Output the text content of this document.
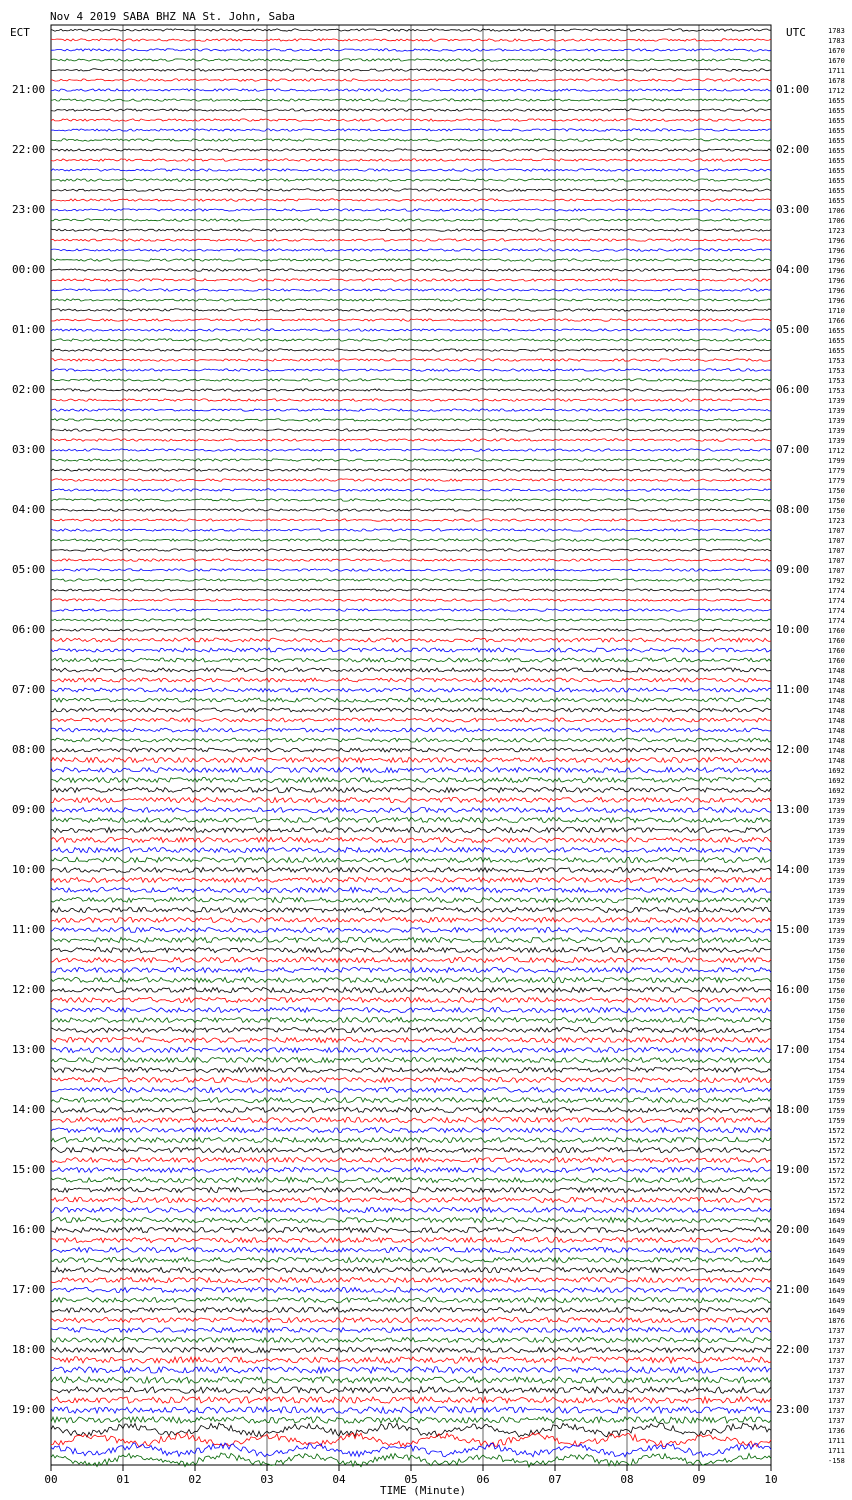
Nov 4 2019 SABA BHZ NA St. John, Saba
ECT	UTC
21:00
22:00
23:00
00:00
01:00
02:00
03:00
04:00
05:00
06:00
07:00
08:00
09:00
10:00
11:00
12:00
13:00
14:00
15:00
16:00
17:00
18:00
19:00
01:00
02:00
03:00
04:00
05:00
06:00
07:00
08:00
09:00
10:00
11:00
12:00
13:00
14:00
15:00
16:00
17:00
18:00
19:00
20:00
21:00
22:00
23:00
1783
1783
1670
1670
1711
1678
1712
1655
1655
1655
1655
1655
1655
1655
1655
1655
1655
1655
1706
1706
1723
1796
1796
1796
1796
1796
1796
1796
1710
1766
1655
1655
1655
1753
1753
1753
1753
1739
1739
1739
1739
1739
1712
1799
1779
1779
1750
1750
1750
1723
1707
1707
1707
1707
1707
1792
1774
1774
1774
1774
1760
1760
1760
1760
1748
1748
1748
1748
1748
1748
1748
1748
1748
1748
1692
1692
1692
1739
1739
1739
1739
1739
1739
1739
1739
1739
1739
1739
1739
1739
1739
1739
1750
1750
1750
1750
1750
1750
1750
1750
1754
1754
1754
1754
1754
1759
1759
1759
1759
1759
1572
1572
1572
1572
1572
1572
1572
1572
1694
1649
1649
1649
1649
1649
1649
1649
1649
1649
1649
1876
1737
1737
1737
1737
1737
1737
1737
1737
1737
1737
1736
1711
1711
-158
00	01	02	03	04	05	06	07	08	09	10
TIME (Minute)
